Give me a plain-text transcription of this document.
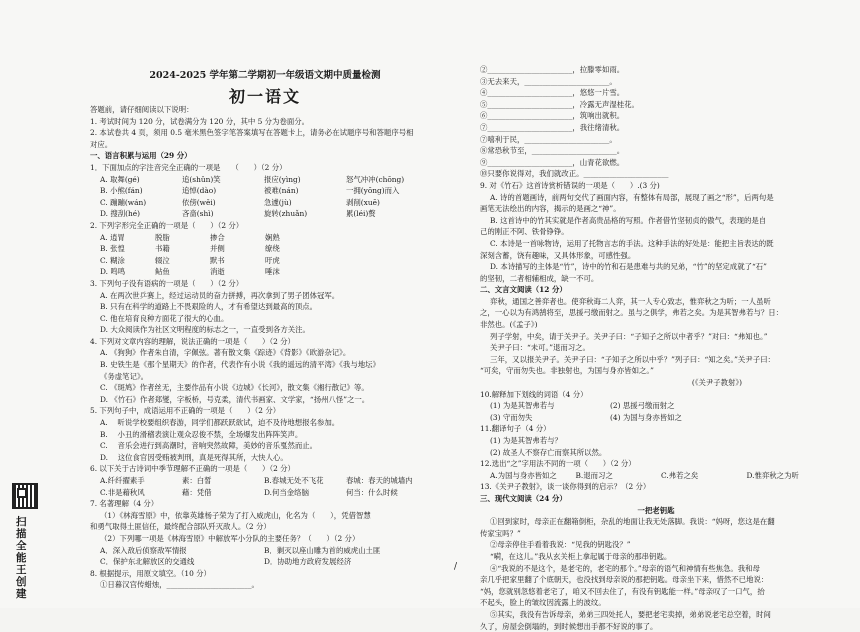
2024-2025 学年第二学期初一年级语文期中质量检测
初一语文
答题前，请仔细阅读以下说明：
1. 考试时间为 120 分，试卷满分为 120 分，其中 5 分为卷面分。
2. 本试卷共 4 页，须用 0.5 毫米黑色签字笔答案填写在答题卡上，请务必在试题序号和答题序号相
对应。
一、语言积累与运用（29 分）
1．下面加点的字注音完全正确的一项是　　（　　）（2 分）
A. 取舞(gé)	追(shǔn)笑	报应(yìng)	怒气冲冲(chōng)
B. 小熊(fán)	追悼(dào)	被难(nán)	一拥(yōng)而入
C. 蹦蹦(wán)	依傍(wěi)	急遽(jù)	剥削(xuē)
D. 搜刮(hé)	吝啬(shì)	旋转(zhuǎn)	累(léi)赘
2. 下列字形完全正确的一项是（　　）（2 分）
A. 逍胃	脱脂	掺合	娴熟
B. 张惶	书籍	并侧	缭绕
C. 糊涂	辍泣	默书	吁虎
D. 鸣鸣	鲇鱼	消逝	唾沫
3. 下列句子没有语病的一项是（　　）（2 分）
A. 在两次世乒赛上，经过运动员的奋力拼搏，再次拿到了男子团体冠军。
B. 只有在科学的道路上不畏艰险的人，才有希望达到最高的顶点。
C. 他在培育良种方面花了很大的心血。
D. 大众阅读作为社区文明程度的标志之一，一直受到各方关注。
4. 下列对文章内容的理解，说法正确的一项是（　　）（2 分）
A. 《狗狗》作者朱自清，字佩弦。著有散文集《踪迹》《背影》《欧游杂记》。
B. 史铁生是《那个星期天》的作者，代表作有小说《我的遥远的清平湾》《我与地坛》
《务虚笔记》。
C. 《斑鸠》作者丝无，主要作品有小说《边城》《长河》，散文集《湘行散记》等。
D. 《竹石》作者郑燮，字板桥，号克柔，清代书画家、文学家，“扬州八怪”之一。
5. 下列句子中，成语运用不正确的一项是（　　）（2 分）
A. 　听说学校要组织春游，同学们都跃跃欲试，迫不及待地想报名参加。
B. 　小丑的滑稽表演让观众忍俊不禁，全场爆发出阵阵笑声。
C. 　音乐会进行到高潮时，音响突然故障，美妙的音乐戛然而止。
D. 　这位食官因受贿被判刑，真是死得其所，大快人心。
6. 以下关于古诗词中季节理解不正确的一项是（　　）（2 分）
A.纤纤擢素手	素：白皙	B.春城无处不飞花	春城：春天的城墙内
C.非是藉秋风	藉：凭借	D.何当金络脑	何当：什么时候
7. 名著理解（4 分）
（1）《林海雪原》中，依靠英雄杨子荣为了打入威虎山，化名为（　　），凭借智慧
和勇气取得土匪信任，最终配合部队歼灭敌人。（2 分）
（2）下列哪一项是《林海雪原》中解放军小分队的主要任务？（　　）（2 分）
A．深入敌后侦察敌军情报	B．剿灭以座山雕为首的威虎山土匪
C．保护东北解放区的交通线	D．协助地方政府发展经济
8. 根据提示，用原文填空。（10 分）
①日暮汉宫传蜡烛，_______________________。
②_______________________，拉滕零如雨。
③无去来天，_______________________。
④_______________________，悠悠一片雪。
⑤_______________________，冷露无声湿桂花。
⑥_______________________，筑响出就积。
⑦_______________________，我往绪清秋。
⑦嘻利于民，_______________________。
⑧常恐秋节至，_______________________。
⑨_______________________，山青花欲燃。
⑩只要你说得对，我们就改正。_______________________
9. 对《竹石》这首诗赏析错误的一项是（　　）.(3 分)
A. 诗的首题画诗，前两句交代了画面内容，有整体有局部，展现了画之“形”，后两句是
画笔无法绘出的内容，揭示的是画之“神”。
B. 这首诗中的竹其实就是作者高贵品格的写照。作者借竹坚韧贞的傲气，表现的是自
己的刚正不阿、铁骨铮铮。
C. 本诗是一首咏物诗，运用了托物言志的手法。这种手法的好处是：能把主旨表达的既
深刻含蓄，饶有趣味，又具体形象，可感性强。
D. 本诗描写的主体是“竹”，诗中的竹和石是患难与共的兄弟，“竹”的坚定成就了“石”
的坚韧，二者相辅相成，缺一不可。
二、文言文阅读（12 分）
弈秋，通国之善弈者也。使弈秋诲二人弈，其一人专心致志，惟弈秋之为听；一人虽听
之，一心以为有鸿鹄将至，思援弓缴而射之。虽与之俱学，弗若之矣。为是其智弗若与？日：
非然也。(《孟子》)
列子学射，中矣，请于关尹子。关尹子曰：“子知子之所以中者乎？”对曰：“弗知也。”
关尹子曰：“未可。”退而习之。
三年，又以报关尹子。关尹子曰：“子知子之所以中乎？”列子曰：“知之矣。”关尹子曰：
“可矣，守而勿失也。非独射也，为国与身亦皆如之。”
(《关尹子教射》)
10.解释加下划线的词语（4 分）
(1) 为是其智弗若与	(2) 思援弓缴而射之
(3) 守而勿失	(4) 为国与身亦皆如之
11.翻译句子（4 分）
(1) 为是其智弗若与？
(2) 故圣人不察存亡而察其所以然。
12.选出“之”字用法不同的一项（　　）（2 分）
A.为国与身亦皆如之	B.退而习之	C.弗若之矣	D.惟弈秋之为听
13.《关尹子教射》，谈一谈你得到的启示？（2 分）
三、现代文阅读（24 分）
一把老钥匙
①回到家时，母亲正在翻箱倒柜，杂乱的地面让我无处落脚。我说：“妈呀，您这是在翻
传家宝吗？”
②母亲停住手看着我说：“见我的钥匙没？”
“嗬，在这儿。”我从玄关柜上拿起属于母亲的那串钥匙。
④“我说的不是这个，是老宅的，老宅的那个。”母亲的语气和神情有些焦急。我和母
亲几乎把家里翻了个底朝天，也没找到母亲说的那把钥匙。母亲坐下来，惜然不已地说：
“妈，您就别忽悠着老宅了，咱又不回去住了，有没有钥匙能一样。”母亲叹了一口气，抬
不起头，脸上的皱纹因流露上的波纹。
⑤其实，我没有告诉母亲，弟弟三四处托人，要把老宅卖掉，弟弟说老宅总空着，时间
久了，房屋会倒塌的，到时候想出手都不好说的事了。
/
扫描全能王 创建
